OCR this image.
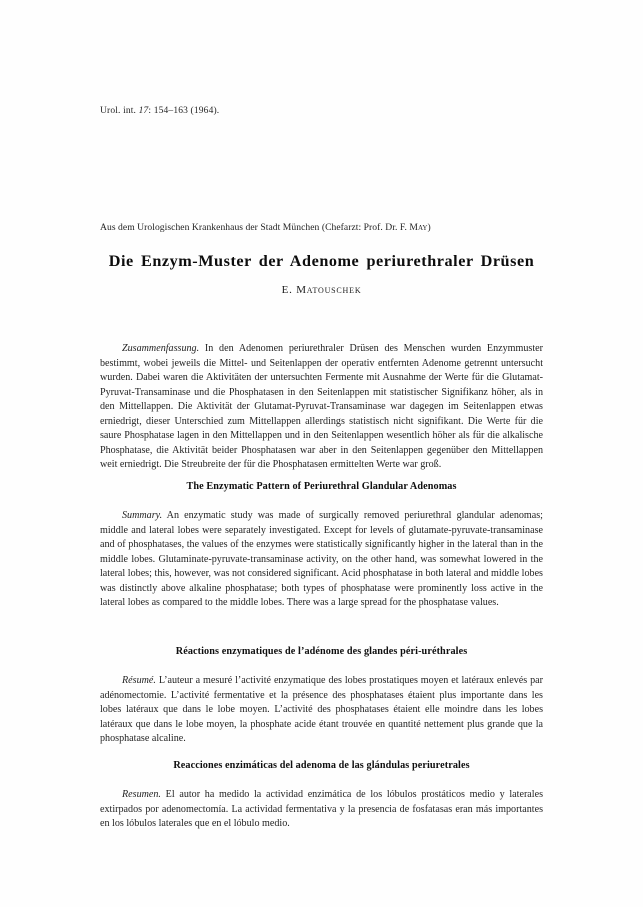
Urol. int. 17: 154–163 (1964).
Aus dem Urologischen Krankenhaus der Stadt München (Chefarzt: Prof. Dr. F. May)
Die Enzym-Muster der Adenome periurethraler Drüsen
E. Matouschek

Zusammenfassung. In den Adenomen periurethraler Drüsen des Menschen wurden Enzymmuster bestimmt, wobei jeweils die Mittel- und Seitenlappen der operativ entfernten Adenome getrennt untersucht wurden. Dabei waren die Aktivitäten der untersuchten Fermente mit Ausnahme der Werte für die Glutamat-Pyruvat-Transaminase und die Phosphatasen in den Seitenlappen mit statistischer Signifikanz höher, als in den Mittellappen. Die Aktivität der Glutamat-Pyruvat-Transaminase war dagegen im Seitenlappen etwas erniedrigt, dieser Unterschied zum Mittellappen allerdings statistisch nicht signifikant. Die Werte für die saure Phosphatase lagen in den Mittellappen und in den Seitenlappen wesentlich höher als für die alkalische Phosphatase, die Aktivität beider Phosphatasen war aber in den Seitenlappen gegenüber den Mittellappen weit erniedrigt. Die Streubreite der für die Phosphatasen ermittelten Werte war groß.

The Enzymatic Pattern of Periurethral Glandular Adenomas

Summary. An enzymatic study was made of surgically removed periurethral glandular adenomas; middle and lateral lobes were separately investigated. Except for levels of glutamate-pyruvate-transaminase and of phosphatases, the values of the enzymes were statistically significantly higher in the lateral than in the middle lobes. Glutaminate-pyruvate-transaminase activity, on the other hand, was somewhat lowered in the lateral lobes; this, however, was not considered significant. Acid phosphatase in both lateral and middle lobes was distinctly above alkaline phosphatase; both types of phosphatase were prominently loss active in the lateral lobes as compared to the middle lobes. There was a large spread for the phosphatase values.

Réactions enzymatiques de l’adénome des glandes péri-uréthrales

Résumé. L’auteur a mesuré l’activité enzymatique des lobes prostatiques moyen et latéraux enlevés par adénomectomie. L’activité fermentative et la présence des phosphatases étaient plus importante dans les lobes latéraux que dans le lobe moyen. L’activité des phosphatases étaient elle moindre dans les lobes latéraux que dans le lobe moyen, la phosphate acide étant trouvée en quantité nettement plus grande que la phosphatase alcaline.

Reacciones enzimáticas del adenoma de las glándulas periuretrales

Resumen. El autor ha medido la actividad enzimática de los lóbulos prostáticos medio y laterales extirpados por adenomectomía. La actividad fermentativa y la presencia de fosfatasas eran más importantes en los lóbulos laterales que en el lóbulo medio.
